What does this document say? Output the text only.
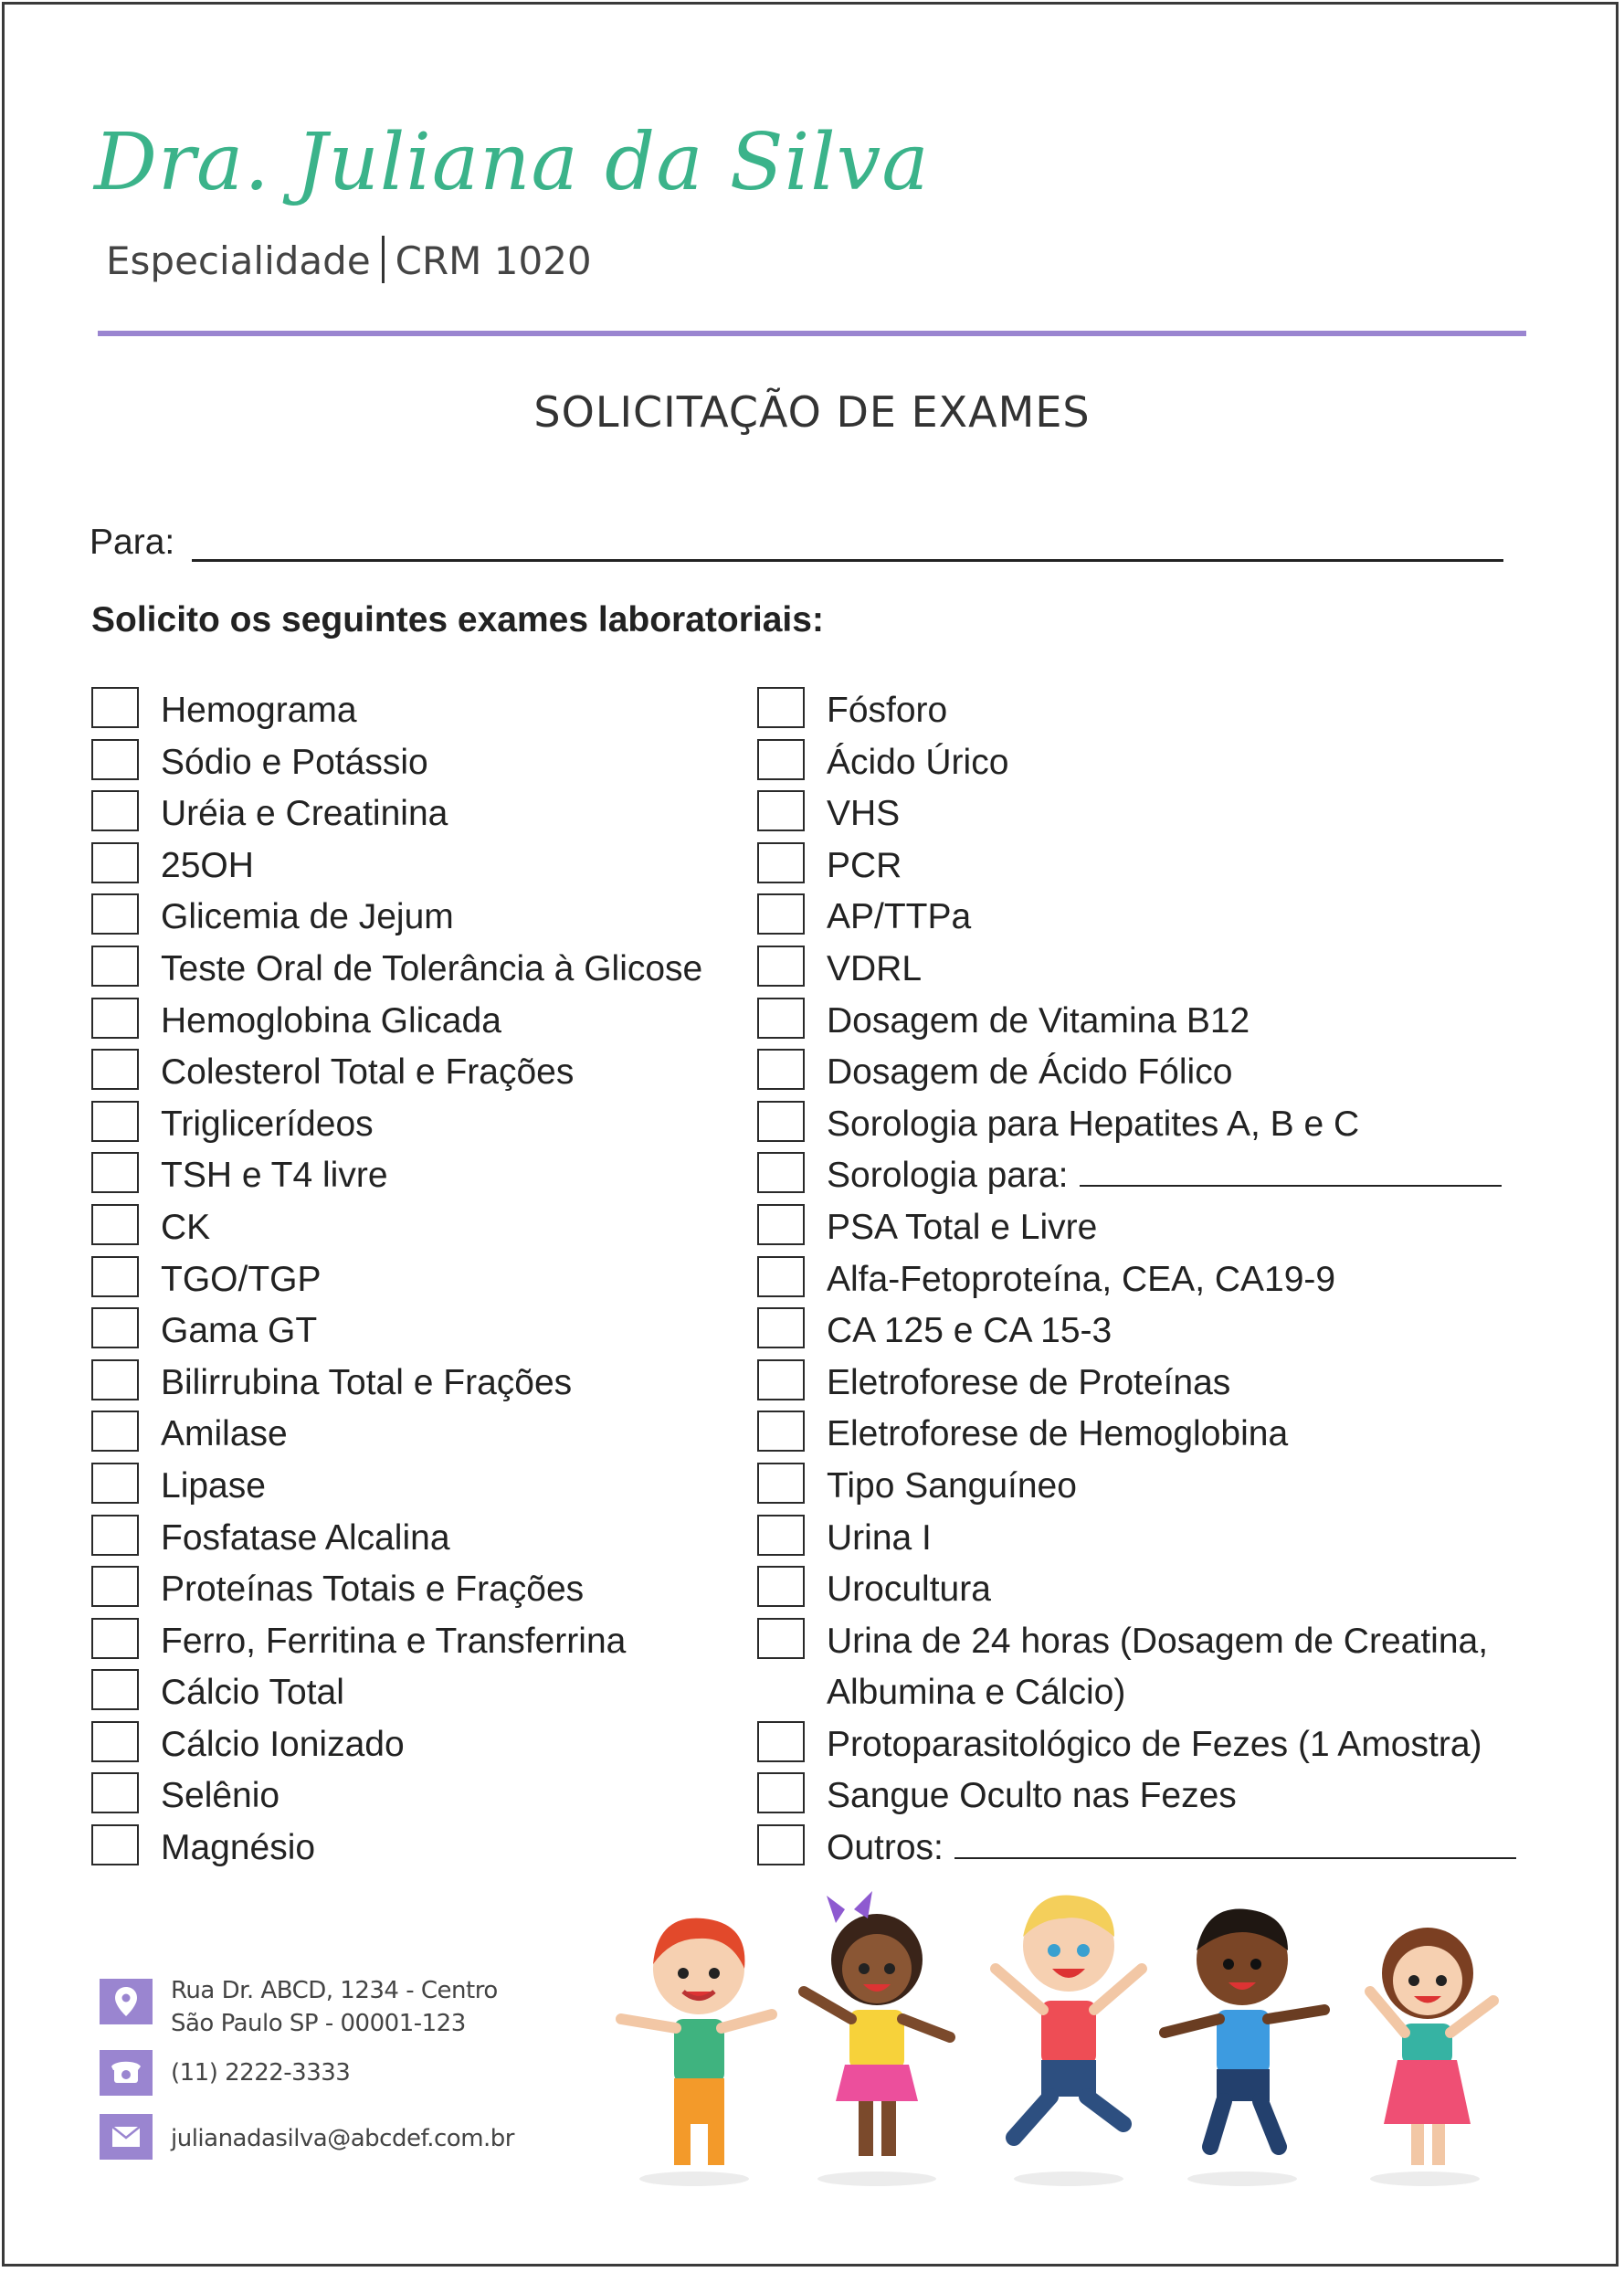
Dra. Juliana da Silva
Especialidade CRM 1020
SOLICITAÇÃO DE EXAMES
Para:
Solicito os seguintes exames laboratoriais:
Hemograma
Sódio e Potássio
Uréia e Creatinina
25OH
Glicemia de Jejum
Teste Oral de Tolerância à Glicose
Hemoglobina Glicada
Colesterol Total e Frações
Triglicerídeos
TSH e T4 livre
CK
TGO/TGP
Gama GT
Bilirrubina Total e Frações
Amilase
Lipase
Fosfatase Alcalina
Proteínas Totais e Frações
Ferro, Ferritina e Transferrina
Cálcio Total
Cálcio Ionizado
Selênio
Magnésio
Fósforo
Ácido Úrico
VHS
PCR
AP/TTPa
VDRL
Dosagem de Vitamina B12
Dosagem de Ácido Fólico
Sorologia para Hepatites A, B e C
Sorologia para:
PSA Total e Livre
Alfa-Fetoproteína, CEA, CA19-9
CA 125 e CA 15-3
Eletroforese de Proteínas
Eletroforese de Hemoglobina
Tipo Sanguíneo
Urina I
Urocultura
Urina de 24 horas (Dosagem de Creatina,
Albumina e Cálcio)
Protoparasitológico de Fezes (1 Amostra)
Sangue Oculto nas Fezes
Outros:
Rua Dr. ABCD, 1234 - Centro
São Paulo SP - 00001-123
(11) 2222-3333
julianadasilva@abcdef.com.br
